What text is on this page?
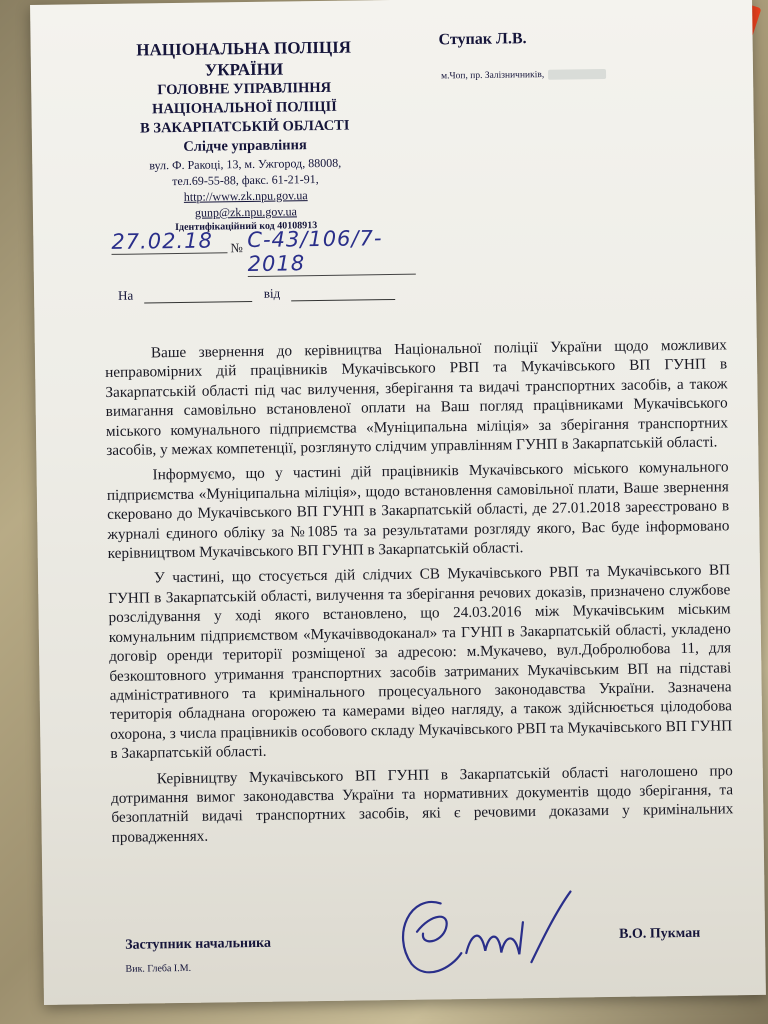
НАЦІОНАЛЬНА ПОЛІЦІЯ
УКРАЇНИ
ГОЛОВНЕ УПРАВЛІННЯ
НАЦІОНАЛЬНОЇ ПОЛІЦІЇ
В ЗАКАРПАТСЬКІЙ ОБЛАСТІ
Слідче управління
вул. Ф. Ракоці, 13, м. Ужгород, 88008,
тел.69-55-88, факс. 61-21-91,
http://www.zk.npu.gov.ua
gunp@zk.npu.gov.ua
Ідентифікаційний код 40108913
Ступак Л.В.
м.Чоп, пр. Залізничників,
27.02.18	№ С-43/106/7-2018
На	від

Ваше звернення до керівництва Національної поліції України щодо можливих неправомірних дій працівників Мукачівського РВП та Мукачівського ВП ГУНП в Закарпатській області під час вилучення, зберігання та видачі транспортних засобів, а також вимагання самовільно встановленої оплати на Ваш погляд працівниками Мукачівського міського комунального підприємства «Муніципальна міліція» за зберігання транспортних засобів, у межах компетенції, розглянуто слідчим управлінням ГУНП в Закарпатській області.

Інформуємо, що у частині дій працівників Мукачівського міського комунального підприємства «Муніципальна міліція», щодо встановлення самовільної плати, Ваше звернення скеровано до Мукачівського ВП ГУНП в Закарпатській області, де 27.01.2018 зареєстровано в журналі єдиного обліку за №1085 та за результатами розгляду якого, Вас буде інформовано керівництвом Мукачівського ВП ГУНП в Закарпатській області.

У частині, що стосується дій слідчих СВ Мукачівського РВП та Мукачівського ВП ГУНП в Закарпатській області, вилучення та зберігання речових доказів, призначено службове розслідування у ході якого встановлено, що 24.03.2016 між Мукачівським міським комунальним підприємством «Мукачівводоканал» та ГУНП в Закарпатській області, укладено договір оренди території розміщеної за адресою: м.Мукачево, вул.Добролюбова 11, для безкоштовного утримання транспортних засобів затриманих Мукачівським ВП на підставі адміністративного та кримінального процесуального законодавства України. Зазначена територія обладнана огорожею та камерами відео нагляду, а також здійснюється цілодобова охорона, з числа працівників особового складу Мукачівського РВП та Мукачівського ВП ГУНП в Закарпатській області.

Керівництву Мукачівського ВП ГУНП в Закарпатській області наголошено про дотримання вимог законодавства України та нормативних документів щодо зберігання, та безоплатній видачі транспортних засобів, які є речовими доказами у кримінальних провадженнях.

Заступник начальника
Вик. Глеба І.М.
В.О. Пукман
